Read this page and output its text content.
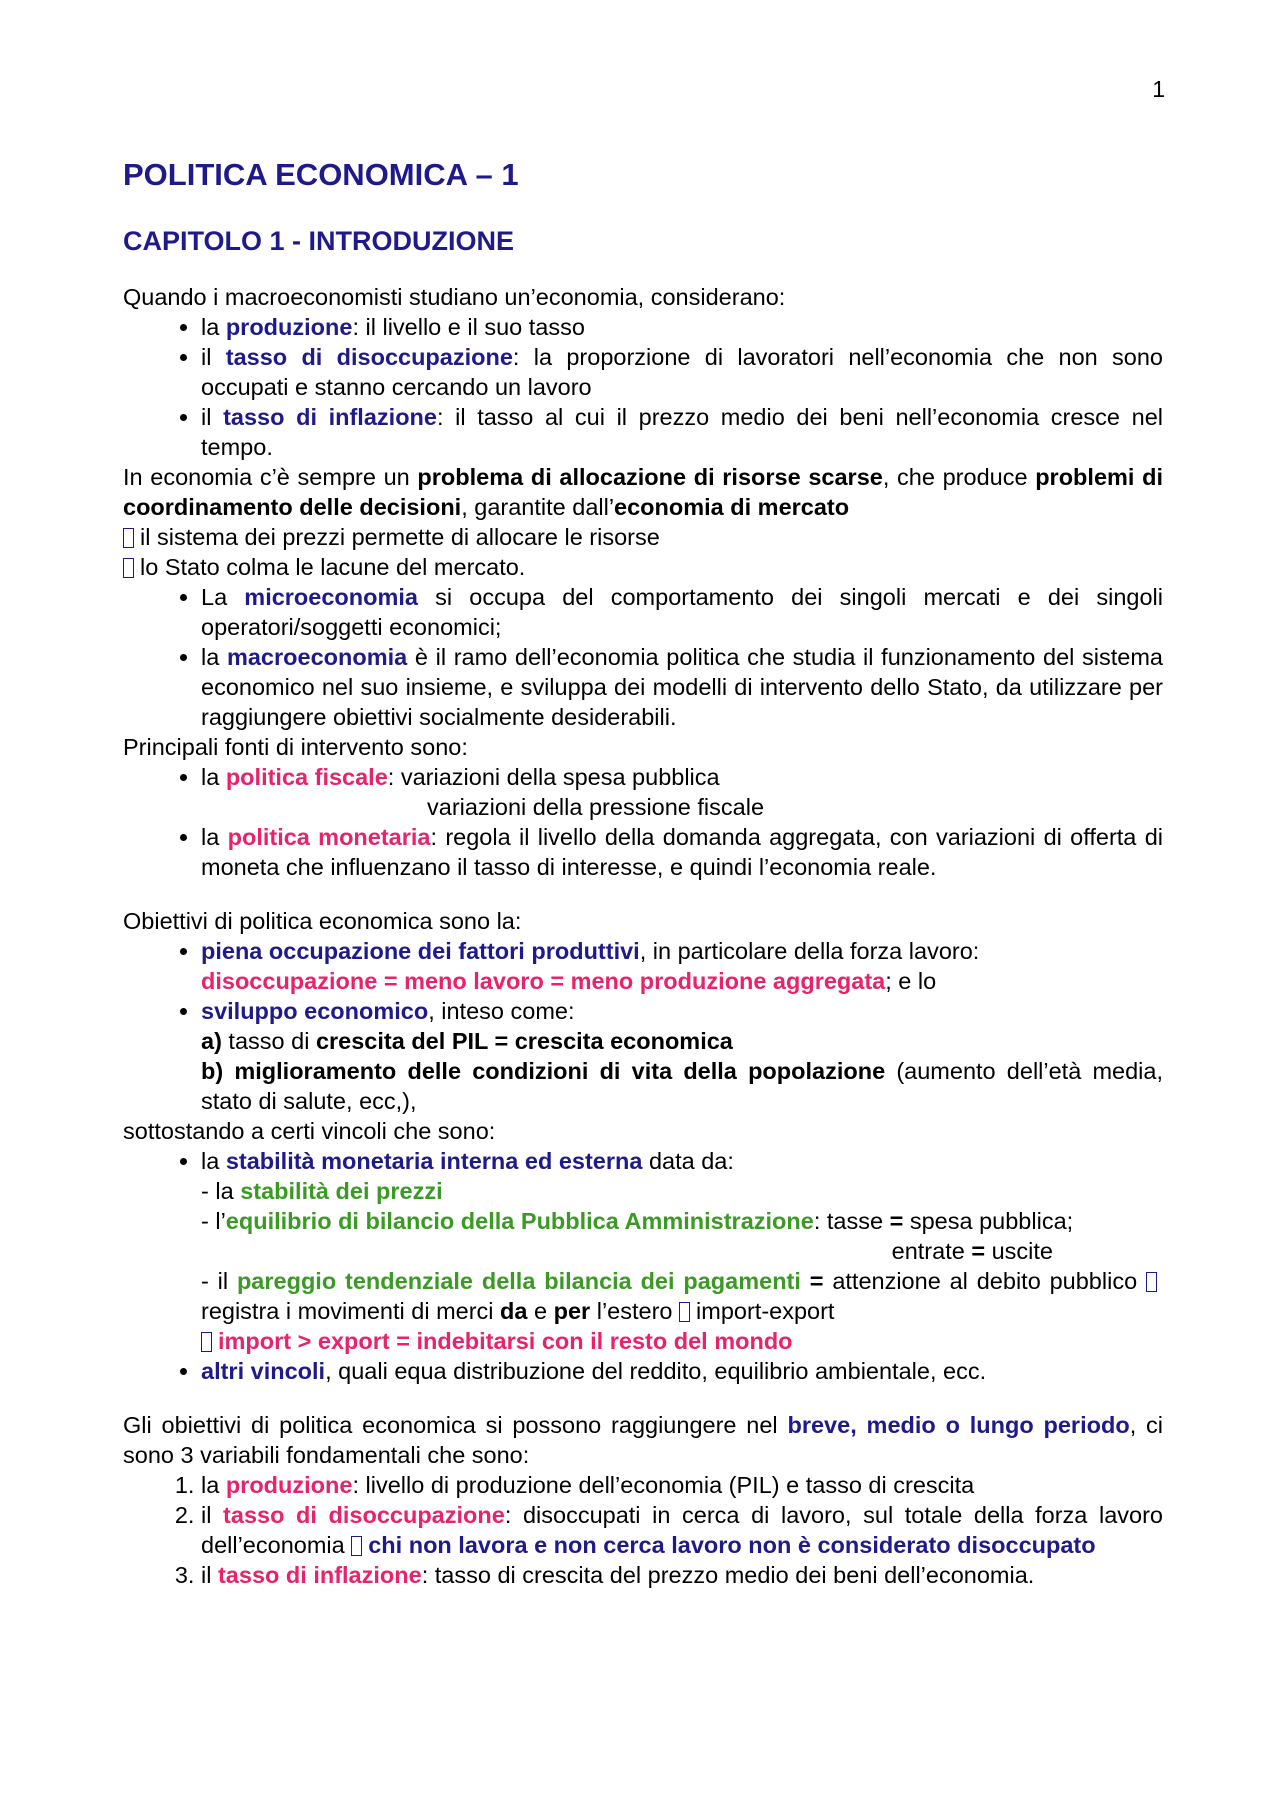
1
POLITICA ECONOMICA – 1
CAPITOLO 1 - INTRODUZIONE

Quando i macroeconomisti studiano un’economia, considerano:

• la produzione: il livello e il suo tasso
• il tasso di disoccupazione: la proporzione di lavoratori nell’economia che non sono occupati e stanno cercando un lavoro
• il tasso di inflazione: il tasso al cui il prezzo medio dei beni nell’economia cresce nel tempo.

In economia c’è sempre un problema di allocazione di risorse scarse, che produce problemi di coordinamento delle decisioni, garantite dall’economia di mercato

il sistema dei prezzi permette di allocare le risorse

lo Stato colma le lacune del mercato.

• La microeconomia si occupa del comportamento dei singoli mercati e dei singoli operatori/soggetti economici;
• la macroeconomia è il ramo dell’economia politica che studia il funzionamento del sistema economico nel suo insieme, e sviluppa dei modelli di intervento dello Stato, da utilizzare per raggiungere obiettivi socialmente desiderabili.

Principali fonti di intervento sono:

• la politica fiscale: variazioni della spesa pubblica
variazioni della pressione fiscale
• la politica monetaria: regola il livello della domanda aggregata, con variazioni di offerta di moneta che influenzano il tasso di interesse, e quindi l’economia reale.

Obiettivi di politica economica sono la:

• piena occupazione dei fattori produttivi, in particolare della forza lavoro:
disoccupazione = meno lavoro = meno produzione aggregata; e lo
• sviluppo economico, inteso come:
a) tasso di crescita del PIL = crescita economica
b) miglioramento delle condizioni di vita della popolazione (aumento dell’età media, stato di salute, ecc,),

sottostando a certi vincoli che sono:

• la stabilità monetaria interna ed esterna data da:
- la stabilità dei prezzi
- l’equilibrio di bilancio della Pubblica Amministrazione: tasse = spesa pubblica;
entrate = uscite
- il pareggio tendenziale della bilancia dei pagamenti = attenzione al debito pubblico registra i movimenti di merci da e per l’estero import-export
import > export = indebitarsi con il resto del mondo
• altri vincoli, quali equa distribuzione del reddito, equilibrio ambientale, ecc.

Gli obiettivi di politica economica si possono raggiungere nel breve, medio o lungo periodo, ci sono 3 variabili fondamentali che sono:

1. la produzione: livello di produzione dell’economia (PIL) e tasso di crescita
2. il tasso di disoccupazione: disoccupati in cerca di lavoro, sul totale della forza lavoro dell’economia chi non lavora e non cerca lavoro non è considerato disoccupato
3. il tasso di inflazione: tasso di crescita del prezzo medio dei beni dell’economia.
